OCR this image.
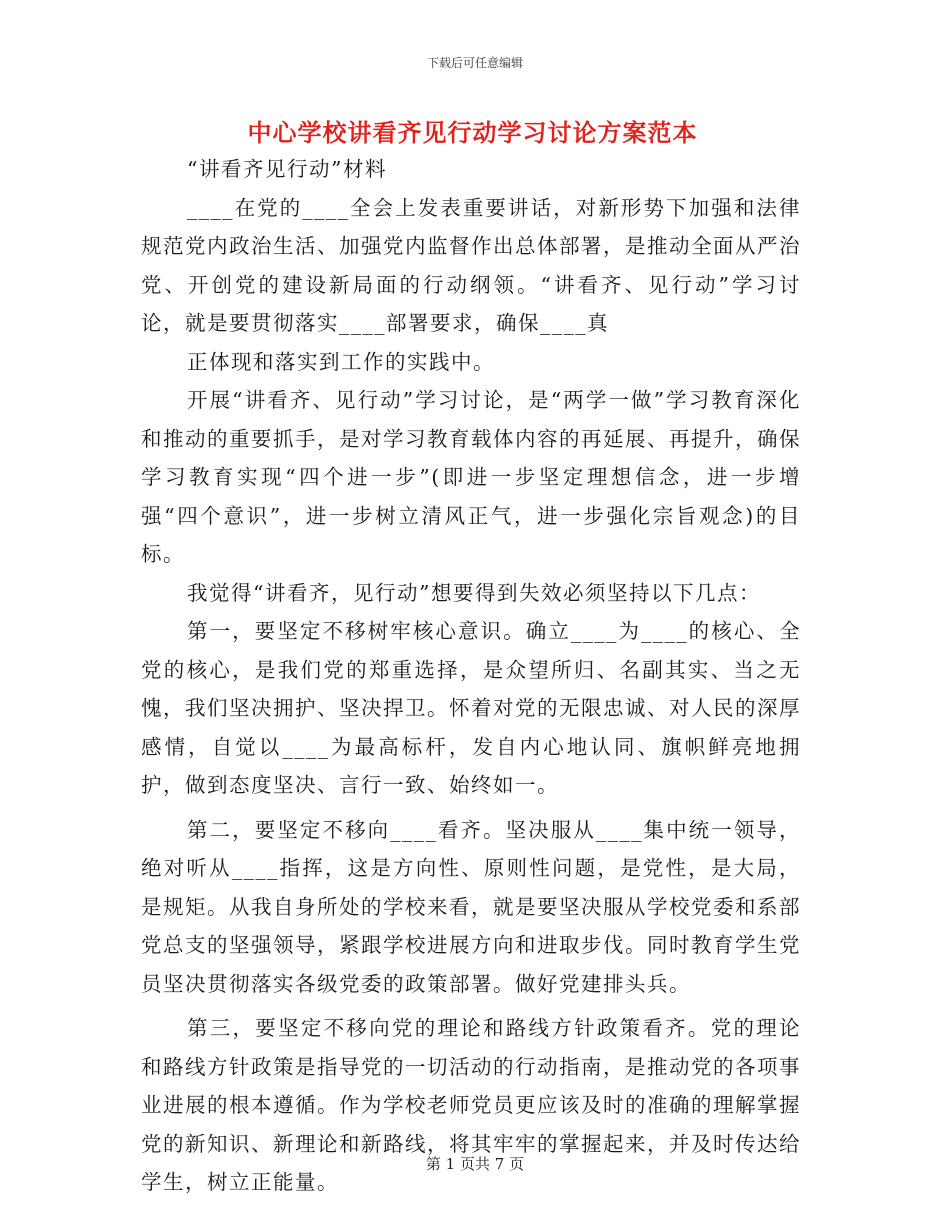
下载后可任意编辑
中心学校讲看齐见行动学习讨论方案范本

“讲看齐见行动”材料

____在党的____全会上发表重要讲话，对新形势下加强和法律规范党内政治生活、加强党内监督作出总体部署，是推动全面从严治党、开创党的建设新局面的行动纲领。“讲看齐、见行动”学习讨论，就是要贯彻落实____部署要求，确保____真

正体现和落实到工作的实践中。

开展“讲看齐、见行动”学习讨论，是“两学一做”学习教育深化和推动的重要抓手，是对学习教育载体内容的再延展、再提升，确保学习教育实现“四个进一步”(即进一步坚定理想信念，进一步增强“四个意识”，进一步树立清风正气，进一步强化宗旨观念)的目标。

我觉得“讲看齐，见行动”想要得到失效必须坚持以下几点：

第一，要坚定不移树牢核心意识。确立____为____的核心、全党的核心，是我们党的郑重选择，是众望所归、名副其实、当之无愧，我们坚决拥护、坚决捍卫。怀着对党的无限忠诚、对人民的深厚感情，自觉以____为最高标杆，发自内心地认同、旗帜鲜亮地拥护，做到态度坚决、言行一致、始终如一。

第二，要坚定不移向____看齐。坚决服从____集中统一领导，绝对听从____指挥，这是方向性、原则性问题，是党性，是大局，是规矩。从我自身所处的学校来看，就是要坚决服从学校党委和系部党总支的坚强领导，紧跟学校进展方向和进取步伐。同时教育学生党员坚决贯彻落实各级党委的政策部署。做好党建排头兵。

第三，要坚定不移向党的理论和路线方针政策看齐。党的理论和路线方针政策是指导党的一切活动的行动指南，是推动党的各项事业进展的根本遵循。作为学校老师党员更应该及时的准确的理解掌握党的新知识、新理论和新路线，将其牢牢的掌握起来，并及时传达给学生，树立正能量。

第 1 页共 7 页
